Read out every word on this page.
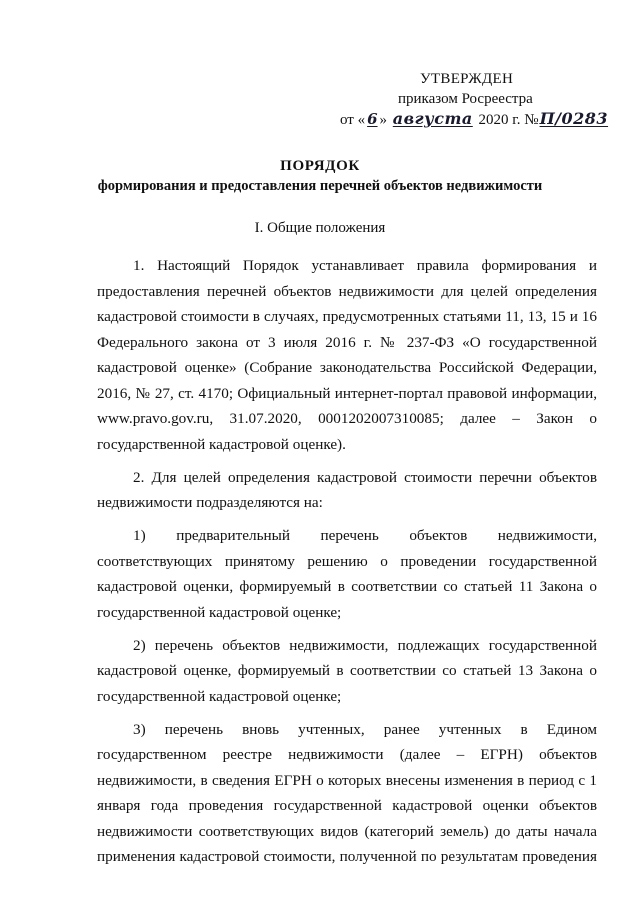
УТВЕРЖДЕН
приказом Росреестра
от « 6 » августа 2020 г. №П/0283
ПОРЯДОК
формирования и предоставления перечней объектов недвижимости
I. Общие положения

1. Настоящий Порядок устанавливает правила формирования и предоставления перечней объектов недвижимости для целей определения кадастровой стоимости в случаях, предусмотренных статьями 11, 13, 15 и 16 Федерального закона от 3 июля 2016 г. № 237-ФЗ «О государственной кадастровой оценке» (Собрание законодательства Российской Федерации, 2016, № 27, ст. 4170; Официальный интернет-портал правовой информации, www.pravo.gov.ru, 31.07.2020, 0001202007310085; далее – Закон о государственной кадастровой оценке).

2. Для целей определения кадастровой стоимости перечни объектов недвижимости подразделяются на:

1) предварительный перечень объектов недвижимости, соответствующих принятому решению о проведении государственной кадастровой оценки, формируемый в соответствии со статьей 11 Закона о государственной кадастровой оценке;

2) перечень объектов недвижимости, подлежащих государственной кадастровой оценке, формируемый в соответствии со статьей 13 Закона о государственной кадастровой оценке;

3) перечень вновь учтенных, ранее учтенных в Едином государственном реестре недвижимости (далее – ЕГРН) объектов недвижимости, в сведения ЕГРН о которых внесены изменения в период с 1 января года проведения государственной кадастровой оценки объектов недвижимости соответствующих видов (категорий земель) до даты начала применения кадастровой стоимости, полученной по результатам проведения
